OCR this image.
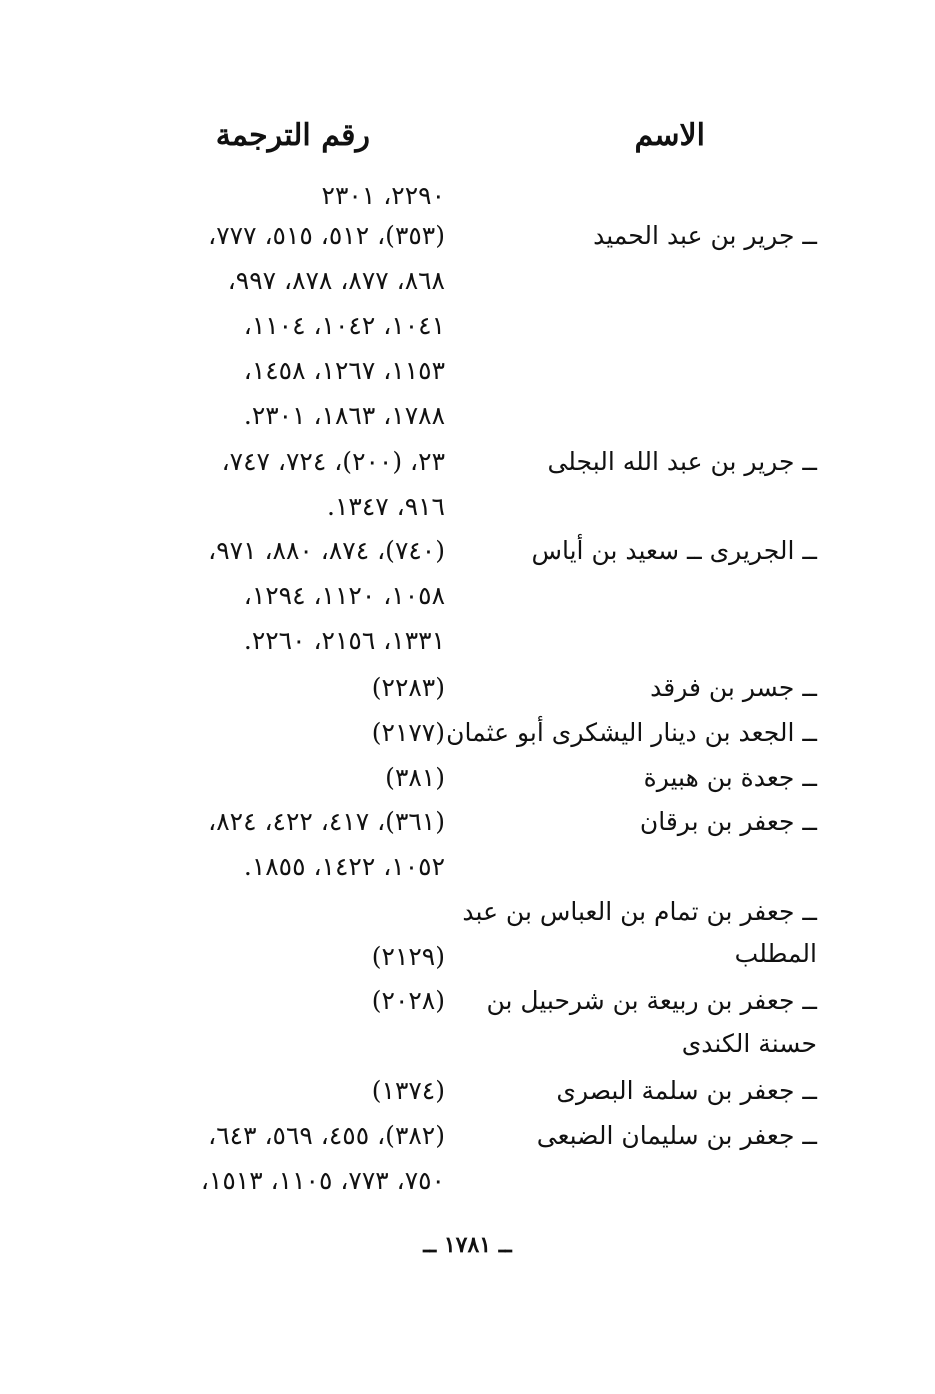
الاسم
رقم الترجمة
٢٢٩٠، ٢٣٠١
ــ جرير بن عبد الحميد
(٣٥٣)، ٥١٢، ٥١٥، ٧٧٧،
٨٦٨، ٨٧٧، ٨٧٨، ٩٩٧،
١٠٤١، ١٠٤٢، ١١٠٤،
١١٥٣، ١٢٦٧، ١٤٥٨،
١٧٨٨، ١٨٦٣، ٢٣٠١.
ــ جرير بن عبد الله البجلى
٢٣، (٢٠٠)، ٧٢٤، ٧٤٧،
٩١٦، ١٣٤٧.
ــ الجريرى ــ سعيد بن أياس
(٧٤٠)، ٨٧٤، ٨٨٠، ٩٧١،
١٠٥٨، ١١٢٠، ١٢٩٤،
١٣٣١، ٢١٥٦، ٢٢٦٠.
ــ جسر بن فرقد
(٢٢٨٣)
ــ الجعد بن دينار اليشكرى أبو عثمان
(٢١٧٧)
ــ جعدة بن هبيرة
(٣٨١)
ــ جعفر بن برقان
(٣٦١)، ٤١٧، ٤٢٢، ٨٢٤،
١٠٥٢، ١٤٢٢، ١٨٥٥.
ــ جعفر بن تمام بن العباس بن عبد
المطلب
(٢١٢٩)
ــ جعفر بن ربيعة بن شرحبيل بن
حسنة الكندى
(٢٠٢٨)
ــ جعفر بن سلمة البصرى
(١٣٧٤)
ــ جعفر بن سليمان الضبعى
(٣٨٢)، ٤٥٥، ٥٦٩، ٦٤٣،
٧٥٠، ٧٧٣، ١١٠٥، ١٥١٣،
ــ ١٧٨١ ــ
